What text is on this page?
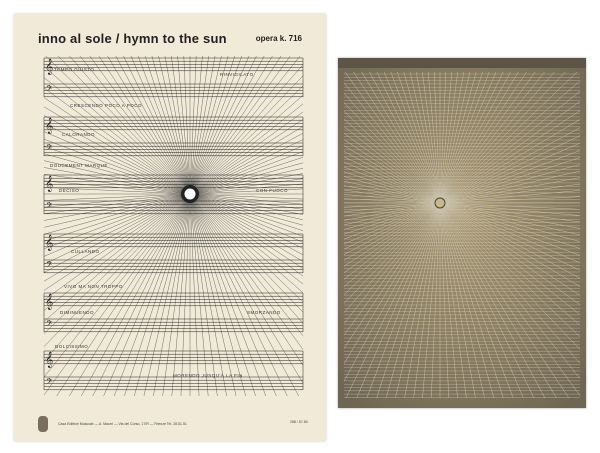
𝄞
𝄢
𝄞
𝄢
𝄞
𝄢
𝄞
𝄢
𝄞
𝄢
𝄞
𝄢
inno al sole / hymn to the sun	opera k. 716
TEMPO GIUSTO
RINVIGILATO
CRESCENDO POCO A POCO
CALORANDO
DOUCEMENT MARQUÉ
DECISO	CON FUOCO
CULLANDO
VIVO MA NON TROPPO
DIMINUENDO	SMORZANDO
DOLCISSIMO
MORENDO JUSQU'À LA FIN
Casa Editrice Musicale — A. Maurri — Via del Corso, 17/R — Firenze Tel. 28.51.51	258 / 57-84
